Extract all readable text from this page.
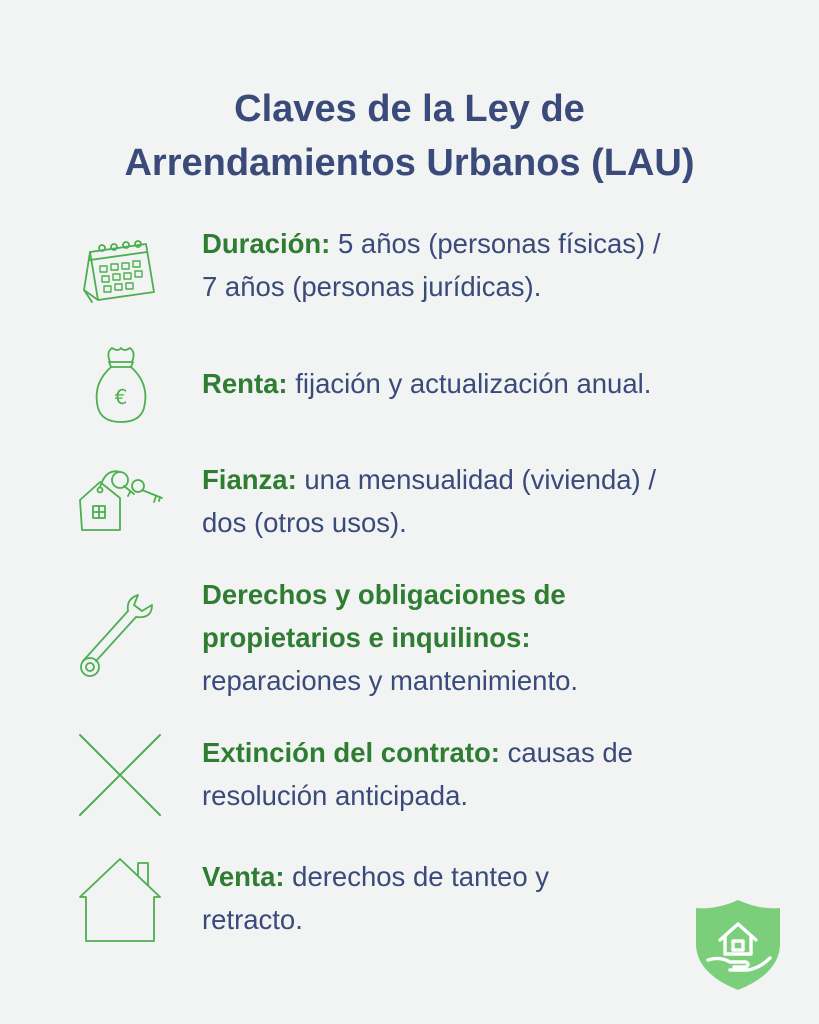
Claves de la Ley de
Arrendamientos Urbanos (LAU)
Duración: 5 años (personas físicas) /
7 años (personas jurídicas).
€	Renta: fijación y actualización anual.
Fianza: una mensualidad (vivienda) /
dos (otros usos).
Derechos y obligaciones de
propietarios e inquilinos:
reparaciones y mantenimiento.
Extinción del contrato: causas de
resolución anticipada.
Venta: derechos de tanteo y
retracto.
